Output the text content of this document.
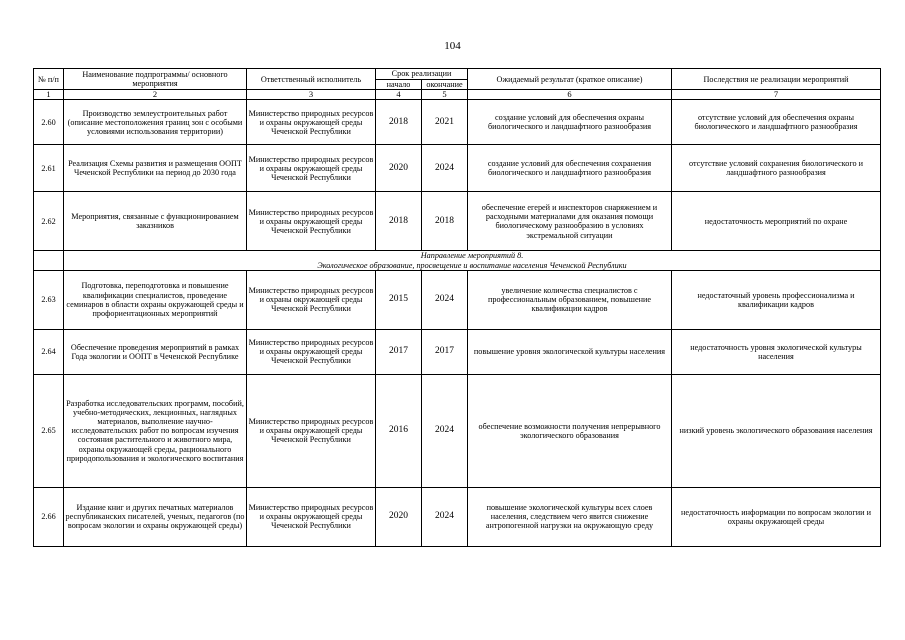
104
№ п/п	Наименование подпрограммы/ основного мероприятия	Ответственный исполнитель	Срок реализации		Ожидаемый результат (краткое описание)	Последствия не реализации мероприятий
			начало	окончание		
1	2	3	4	5	6	7
2.60	Производство землеустроительных работ (описание местоположения границ зон с особыми условиями использования территории)	Министерство природных ресурсов и охраны окружающей среды Чеченской Республики	2018	2021	создание условий для обеспечения охраны биологического и ландшафтного разнообразия	отсутствие условий для обеспечения охраны биологического и ландшафтного разнообразия
2.61	Реализация Схемы развития и размещения ООПТ Чеченской Республики на период до 2030 года	Министерство природных ресурсов и охраны окружающей среды Чеченской Республики	2020	2024	создание условий для обеспечения сохранения биологического и ландшафтного разнообразия	отсутствие условий сохранения биологического и ландшафтного разнообразия
2.62	Мероприятия, связанные с функционированием заказников	Министерство природных ресурсов и охраны окружающей среды Чеченской Республики	2018	2018	обеспечение егерей и инспекторов снаряжением и расходными материалами для оказания помощи биологическому разнообразию в условиях экстремальной ситуации	недостаточность мероприятий по охране

	Направление мероприятий 8.
Экологическое образование, просвещение и воспитание населения Чеченской Республики					

2.63	Подготовка, переподготовка и повышение квалификации специалистов, проведение семинаров в области охраны окружающей среды и профориентационных мероприятий	Министерство природных ресурсов и охраны окружающей среды Чеченской Республики	2015	2024	увеличение количества специалистов с профессиональным образованием, повышение квалификации кадров	недостаточный уровень профессионализма и квалификации кадров
2.64	Обеспечение проведения мероприятий в рамках Года экологии и ООПТ в Чеченской Республике	Министерство природных ресурсов и охраны окружающей среды Чеченской Республики	2017	2017	повышение уровня экологической культуры населения	недостаточность уровня экологической культуры населения
2.65	Разработка исследовательских программ, пособий, учебно-методических, лекционных, наглядных материалов, выполнение научно-исследовательских работ по вопросам изучения состояния растительного и животного мира, охраны окружающей среды, рационального природопользования и экологического воспитания	Министерство природных ресурсов и охраны окружающей среды Чеченской Республики	2016	2024	обеспечение возможности получения непрерывного экологического образования	низкий уровень экологического образования населения
2.66	Издание книг и других печатных материалов республиканских писателей, ученых, педагогов (по вопросам экологии и охраны окружающей среды)	Министерство природных ресурсов и охраны окружающей среды Чеченской Республики	2020	2024	повышение экологической культуры всех слоев населения, следствием чего явится снижение антропогенной нагрузки на окружающую среду	недостаточность информации по вопросам экологии и охраны окружающей среды
